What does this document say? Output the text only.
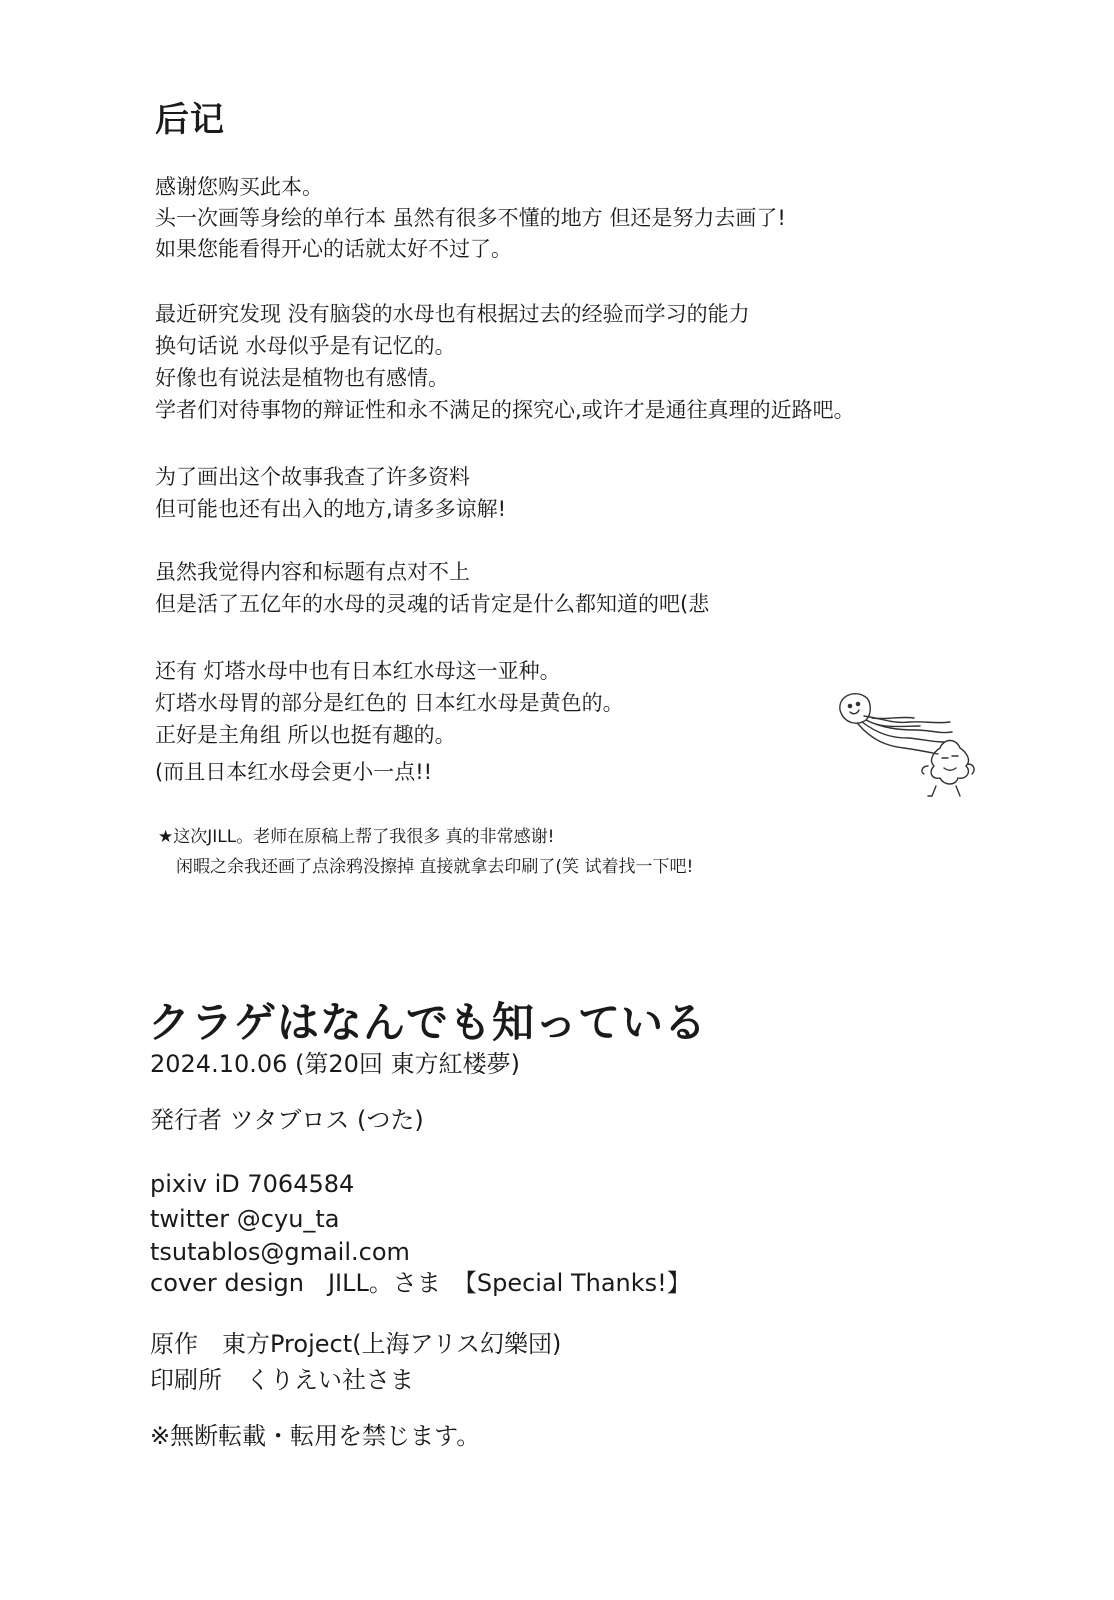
后记
感谢您购买此本。
头一次画等身绘的单行本 虽然有很多不懂的地方 但还是努力去画了!
如果您能看得开心的话就太好不过了。
最近研究发现 没有脑袋的水母也有根据过去的经验而学习的能力
换句话说 水母似乎是有记忆的。
好像也有说法是植物也有感情。
学者们对待事物的辩证性和永不满足的探究心,或许才是通往真理的近路吧。
为了画出这个故事我查了许多资料
但可能也还有出入的地方,请多多谅解!
虽然我觉得内容和标题有点对不上
但是活了五亿年的水母的灵魂的话肯定是什么都知道的吧(悲
还有 灯塔水母中也有日本红水母这一亚种。
灯塔水母胃的部分是红色的 日本红水母是黄色的。
正好是主角组 所以也挺有趣的。
(而且日本红水母会更小一点!!
★这次JILL。老师在原稿上帮了我很多 真的非常感谢!
闲暇之余我还画了点涂鸦没擦掉 直接就拿去印刷了(笑 试着找一下吧!
クラゲはなんでも知っている
2024.10.06 (第20回 東方紅楼夢)
発行者 ツタブロス (つた)
pixiv iD 7064584
twitter @cyu_ta
tsutablos@gmail.com
cover design　JILL。さま　【Special Thanks!】
原作　東方Project(上海アリス幻樂団)
印刷所　くりえい社さま
※無断転載・転用を禁じます。
